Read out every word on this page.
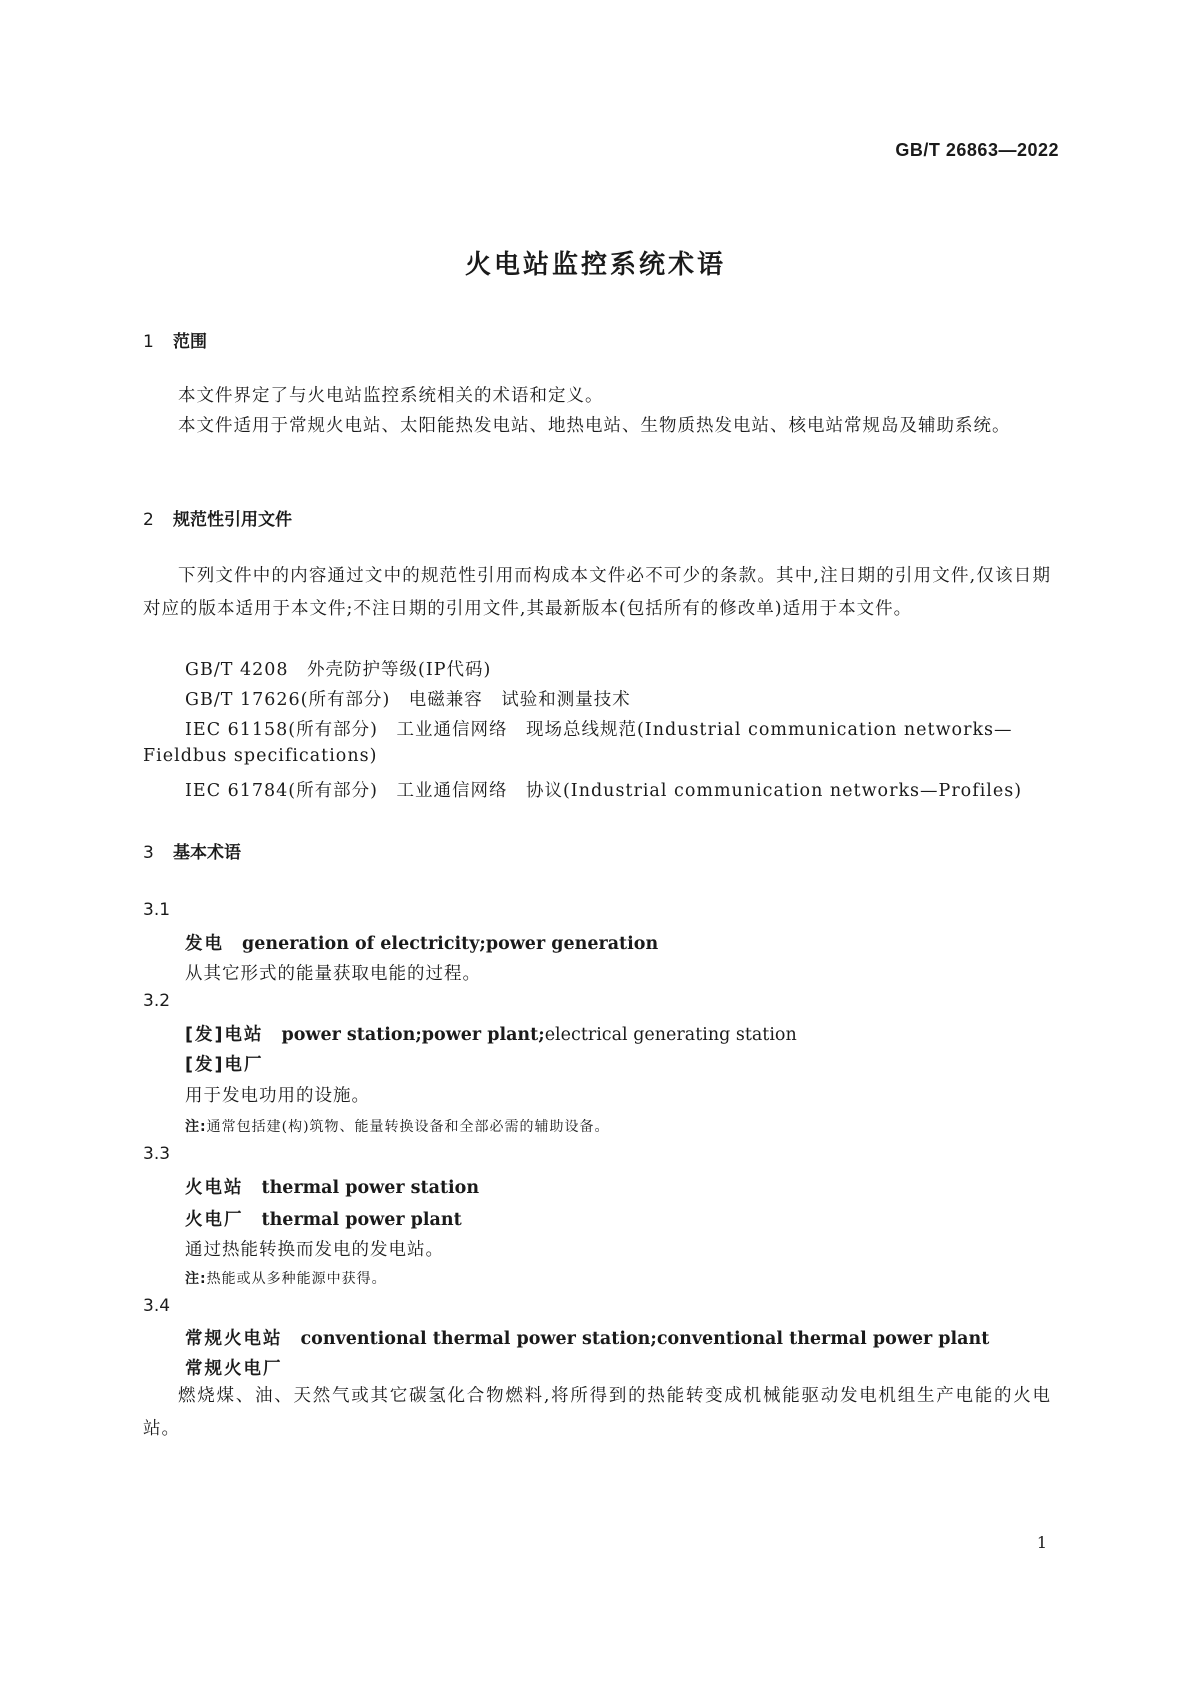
GB/T 26863—2022
火电站监控系统术语
1 范围
本文件界定了与火电站监控系统相关的术语和定义。
本文件适用于常规火电站、太阳能热发电站、地热电站、生物质热发电站、核电站常规岛及辅助系统。
2 规范性引用文件
下列文件中的内容通过文中的规范性引用而构成本文件必不可少的条款。其中,注日期的引用文件,仅该日期对应的版本适用于本文件;不注日期的引用文件,其最新版本(包括所有的修改单)适用于本文件。
GB/T 4208　外壳防护等级(IP代码)
GB/T 17626(所有部分)　电磁兼容　试验和测量技术
IEC 61158(所有部分)　工业通信网络　现场总线规范(Industrial communication networks—
Fieldbus specifications)
IEC 61784(所有部分)　工业通信网络　协议(Industrial communication networks—Profiles)
3 基本术语
3.1
发电 generation of electricity;power generation
从其它形式的能量获取电能的过程。
3.2
[发]电站 power station;power plant;electrical generating station
[发]电厂
用于发电功用的设施。
注:通常包括建(构)筑物、能量转换设备和全部必需的辅助设备。
3.3
火电站 thermal power station
火电厂 thermal power plant
通过热能转换而发电的发电站。
注:热能或从多种能源中获得。
3.4
常规火电站 conventional thermal power station;conventional thermal power plant
常规火电厂
燃烧煤、油、天然气或其它碳氢化合物燃料,将所得到的热能转变成机械能驱动发电机组生产电能的火电站。
1
